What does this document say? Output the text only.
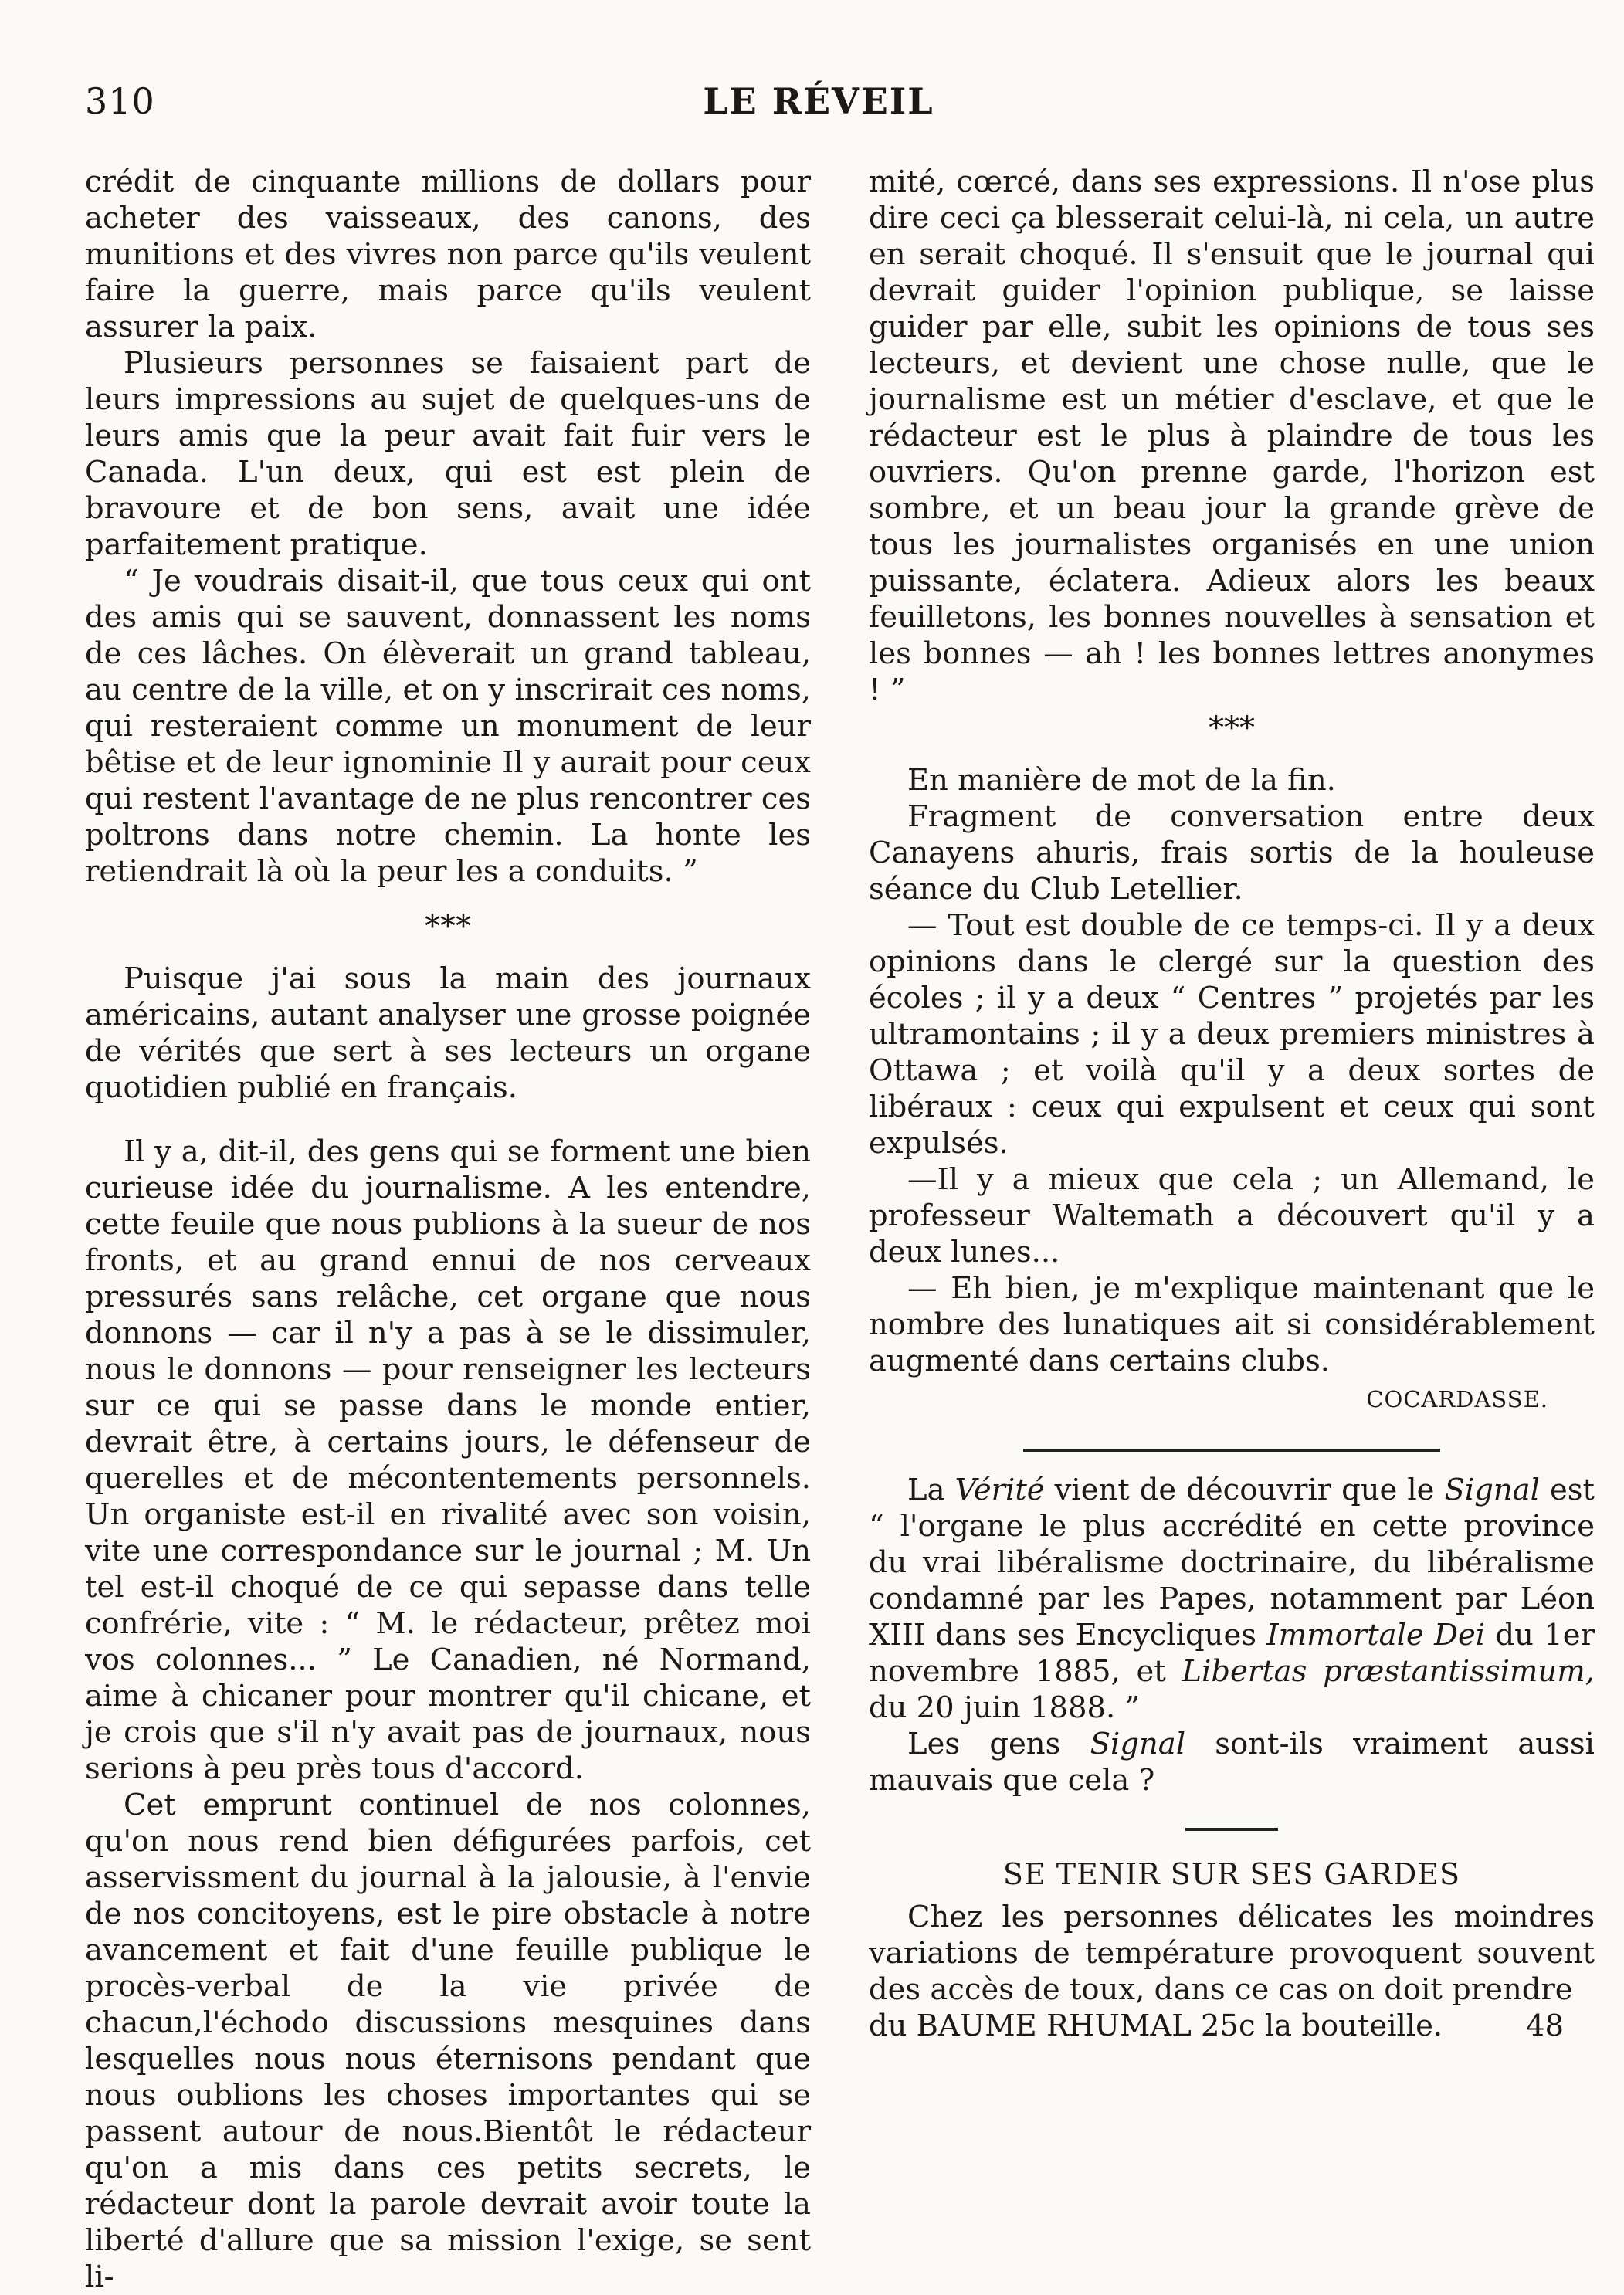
310	LE RÉVEIL

crédit de cinquante millions de dollars pour acheter des vaisseaux, des canons, des munitions et des vivres non parce qu'ils veulent faire la guerre, mais parce qu'ils veulent assurer la paix.

Plusieurs personnes se faisaient part de leurs impressions au sujet de quelques-uns de leurs amis que la peur avait fait fuir vers le Canada. L'un deux, qui est est plein de bravoure et de bon sens, avait une idée parfaitement pratique.

“ Je voudrais disait-il, que tous ceux qui ont des amis qui se sauvent, donnassent les noms de ces lâches. On élèverait un grand tableau, au centre de la ville, et on y inscrirait ces noms, qui resteraient comme un monument de leur bêtise et de leur ignominie Il y aurait pour ceux qui restent l'avantage de ne plus rencontrer ces poltrons dans notre chemin. La honte les retiendrait là où la peur les a conduits. ”

***

Puisque j'ai sous la main des journaux américains, autant analyser une grosse poignée de vérités que sert à ses lecteurs un organe quotidien publié en français.

Il y a, dit-il, des gens qui se forment une bien curieuse idée du journalisme. A les entendre, cette feuile que nous publions à la sueur de nos fronts, et au grand ennui de nos cerveaux pressurés sans relâche, cet organe que nous donnons — car il n'y a pas à se le dissimuler, nous le donnons — pour renseigner les lecteurs sur ce qui se passe dans le monde entier, devrait être, à certains jours, le défenseur de querelles et de mécontentements personnels. Un organiste est-il en rivalité avec son voisin, vite une correspondance sur le journal ; M. Un tel est-il choqué de ce qui sepasse dans telle confrérie, vite : “ M. le rédacteur, prêtez moi vos colonnes... ” Le Canadien, né Normand, aime à chicaner pour montrer qu'il chicane, et je crois que s'il n'y avait pas de journaux, nous serions à peu près tous d'accord.

Cet emprunt continuel de nos colonnes, qu'on nous rend bien défigurées parfois, cet asservissment du journal à la jalousie, à l'envie de nos concitoyens, est le pire obstacle à notre avancement et fait d'une feuille publique le procès-verbal de la vie privée de chacun,l'échodo discussions mesquines dans lesquelles nous nous éternisons pendant que nous oublions les choses importantes qui se passent autour de nous.Bientôt le rédacteur qu'on a mis dans ces petits secrets, le rédacteur dont la parole devrait avoir toute la liberté d'allure que sa mission l'exige, se sent li-

mité, cœrcé, dans ses expressions. Il n'ose plus dire ceci ça blesserait celui-là, ni cela, un autre en serait choqué. Il s'ensuit que le journal qui devrait guider l'opinion publique, se laisse guider par elle, subit les opinions de tous ses lecteurs, et devient une chose nulle, que le journalisme est un métier d'esclave, et que le rédacteur est le plus à plaindre de tous les ouvriers. Qu'on prenne garde, l'horizon est sombre, et un beau jour la grande grève de tous les journalistes organisés en une union puissante, éclatera. Adieux alors les beaux feuilletons, les bonnes nouvelles à sensation et les bonnes — ah ! les bonnes lettres anonymes ! ”

***

En manière de mot de la fin.

Fragment de conversation entre deux Canayens ahuris, frais sortis de la houleuse séance du Club Letellier.

— Tout est double de ce temps-ci. Il y a deux opinions dans le clergé sur la question des écoles ; il y a deux “ Centres ” projetés par les ultramontains ; il y a deux premiers ministres à Ottawa ; et voilà qu'il y a deux sortes de libéraux : ceux qui expulsent et ceux qui sont expulsés.

—Il y a mieux que cela ; un Allemand, le professeur Waltemath a découvert qu'il y a deux lunes...

— Eh bien, je m'explique maintenant que le nombre des lunatiques ait si considérablement augmenté dans certains clubs.

COCARDASSE.

La Vérité vient de découvrir que le Signal est “ l'organe le plus accrédité en cette province du vrai libéralisme doctrinaire, du libéralisme condamné par les Papes, notamment par Léon XIII dans ses Encycliques Immortale Dei du 1er novembre 1885, et Libertas præstantissimum, du 20 juin 1888. ”

Les gens Signal sont-ils vraiment aussi mauvais que cela ?

SE TENIR SUR SES GARDES

Chez les personnes délicates les moindres variations de température provoquent souvent des accès de toux, dans ce cas on doit prendre

du BAUME RHUMAL 25c la bouteille.	48
